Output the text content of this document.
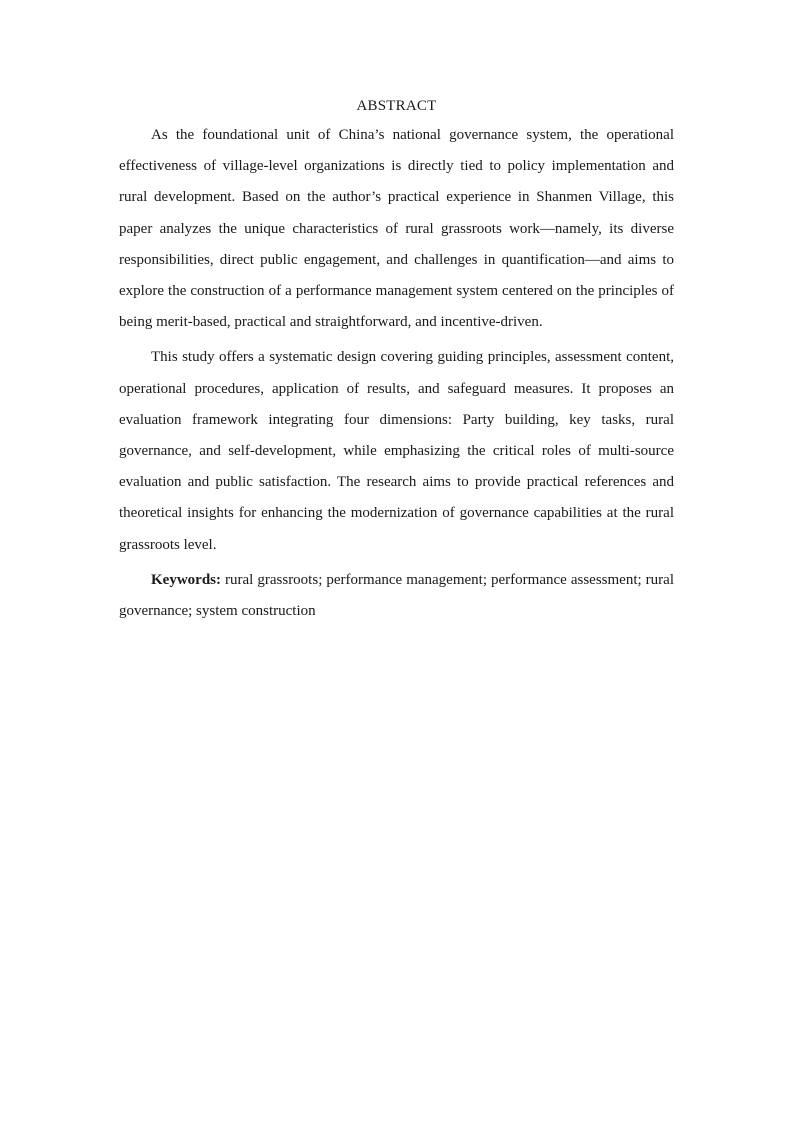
ABSTRACT

As the foundational unit of China’s national governance system, the operational effectiveness of village-level organizations is directly tied to policy implementation and rural development. Based on the author’s practical experience in Shanmen Village, this paper analyzes the unique characteristics of rural grassroots work—namely, its diverse responsibilities, direct public engagement, and challenges in quantification—and aims to explore the construction of a performance management system centered on the principles of being merit-based, practical and straightforward, and incentive-driven.

This study offers a systematic design covering guiding principles, assessment content, operational procedures, application of results, and safeguard measures. It proposes an evaluation framework integrating four dimensions: Party building, key tasks, rural governance, and self-development, while emphasizing the critical roles of multi-source evaluation and public satisfaction. The research aims to provide practical references and theoretical insights for enhancing the modernization of governance capabilities at the rural grassroots level.

Keywords: rural grassroots; performance management; performance assessment; rural governance; system construction
